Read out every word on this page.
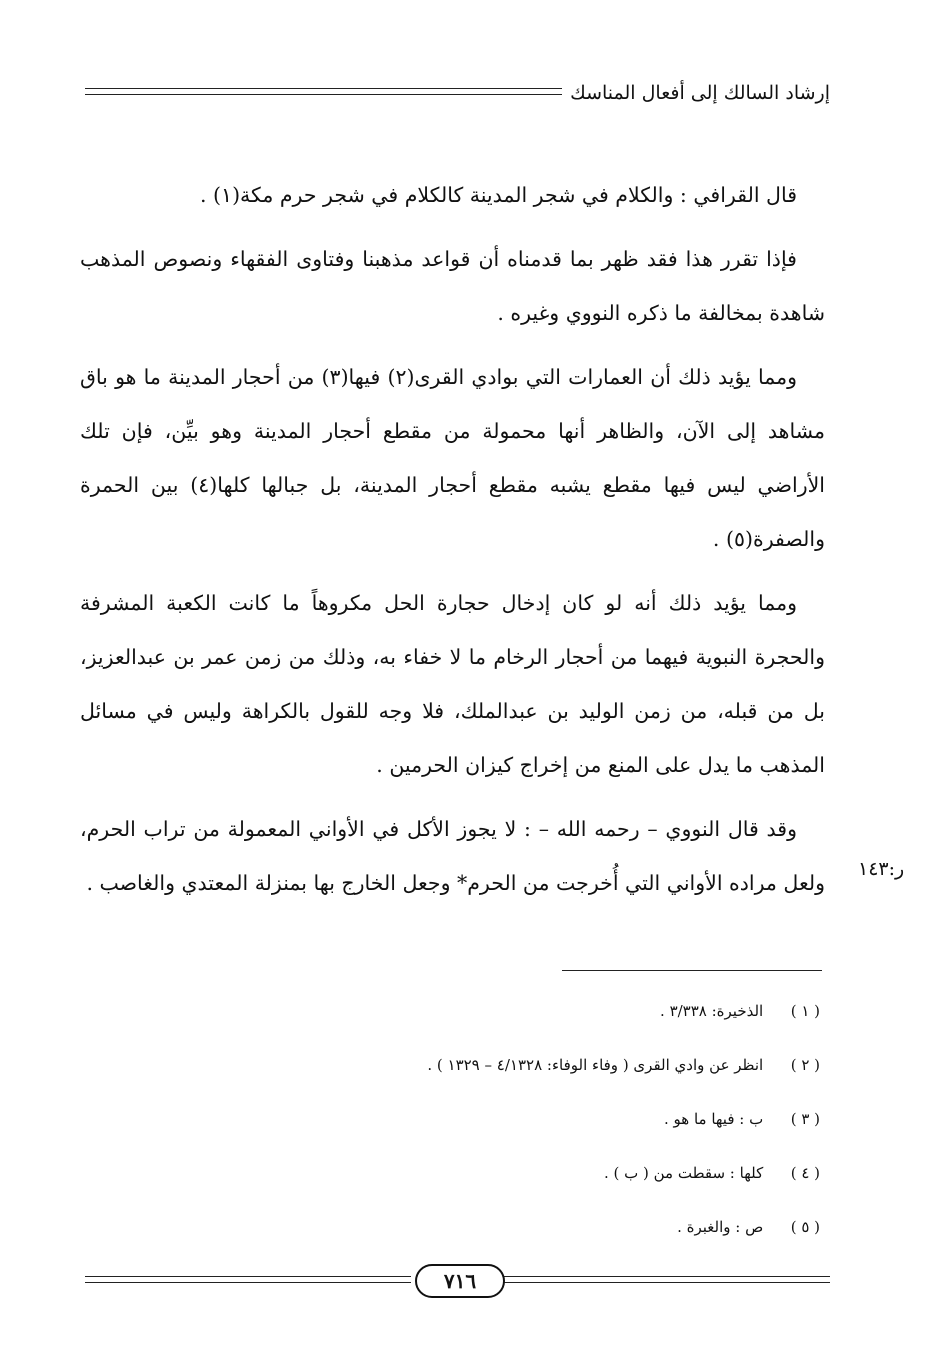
إرشاد السالك إلى أفعال المناسك

قال القرافي : والكلام في شجر المدينة كالكلام في شجر حرم مكة(١) .

فإذا تقرر هذا فقد ظهر بما قدمناه أن قواعد مذهبنا وفتاوى الفقهاء ونصوص المذهب شاهدة بمخالفة ما ذكره النووي وغيره .

ومما يؤيد ذلك أن العمارات التي بوادي القرى(٢) فيها(٣) من أحجار المدينة ما هو باق مشاهد إلى الآن، والظاهر أنها محمولة من مقطع أحجار المدينة وهو بيِّن، فإن تلك الأراضي ليس فيها مقطع يشبه مقطع أحجار المدينة، بل جبالها كلها(٤) بين الحمرة والصفرة(٥) .

ومما يؤيد ذلك أنه لو كان إدخال حجارة الحل مكروهاً ما كانت الكعبة المشرفة والحجرة النبوية فيهما من أحجار الرخام ما لا خفاء به، وذلك من زمن عمر بن عبدالعزيز، بل من قبله، من زمن الوليد بن عبدالملك، فلا وجه للقول بالكراهة وليس في مسائل المذهب ما يدل على المنع من إخراج كيزان الحرمين .

وقد قال النووي – رحمه الله – : لا يجوز الأكل في الأواني المعمولة من تراب الحرم، ولعل مراده الأواني التي أُخرجت من الحرم* وجعل الخارج بها بمنزلة المعتدي والغاصب .

ر:١٤٣
( ١ ) الذخيرة: ٣/٣٣٨ .
( ٢ ) انظر عن وادي القرى ( وفاء الوفاء: ٤/١٣٢٨ – ١٣٢٩ ) .
( ٣ ) ب : فيها ما هو .
( ٤ ) كلها : سقطت من ( ب ) .
( ٥ ) ص : والغبرة .
٧١٦
